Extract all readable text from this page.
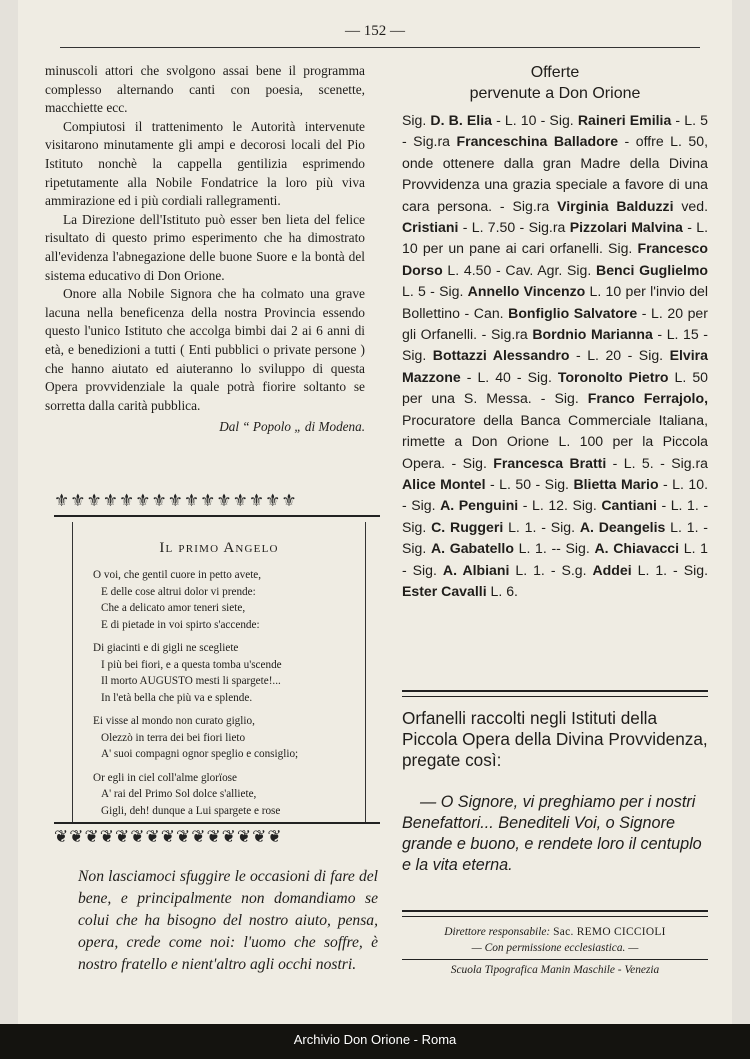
— 152 —

minuscoli attori che svolgono assai bene il programma complesso alternando canti con poesia, scenette, macchiette ecc.

Compiutosi il trattenimento le Autorità intervenute visitarono minutamente gli ampi e decorosi locali del Pio Istituto nonchè la cappella gentilizia esprimendo ripetutamente alla Nobile Fondatrice la loro più viva ammirazione ed i più cordiali rallegramenti.

La Direzione dell'Istituto può esser ben lieta del felice risultato di questo primo esperimento che ha dimostrato all'evidenza l'abnegazione delle buone Suore e la bontà del sistema educativo di Don Orione.

Onore alla Nobile Signora che ha colmato una grave lacuna nella beneficenza della nostra Provincia essendo questo l'unico Istituto che accolga bimbi dai 2 ai 6 anni di età, e benedizioni a tutti ( Enti pubblici o private persone ) che hanno aiutato ed aiuteranno lo sviluppo di questa Opera provvidenziale la quale potrà fiorire soltanto se sorretta dalla carità pubblica.

Dal “ Popolo „ di Modena.
⚜⚜⚜⚜⚜⚜⚜⚜⚜⚜⚜⚜⚜⚜⚜
Il primo Angelo
O voi, che gentil cuore in petto avete,
E delle cose altrui dolor vi prende:
Che a delicato amor teneri siete,
E di pietade in voi spirto s'accende:
Di giacinti e di gigli ne scegliete
I più bei fiori, e a questa tomba u'scende
Il morto AUGUSTO mesti li spargete!...
In l'età bella che più va e splende.
Ei visse al mondo non curato giglio,
Olezzò in terra dei bei fiori lieto
A' suoi compagni ognor speglio e consiglio;
Or egli in ciel coll'alme glorïose
A' rai del Primo Sol dolce s'alliete,
Gigli, deh! dunque a Lui spargete e rose
❦❦❦❦❦❦❦❦❦❦❦❦❦❦❦
Non lasciamoci sfuggire le occasioni di fare del bene, e principalmente non domandiamo se colui che ha bisogno del nostro aiuto, pensa, opera, crede come noi: l'uomo che soffre, è nostro fratello e nient'altro agli occhi nostri.
Offerte
pervenute a Don Orione
Sig. D. B. Elia - L. 10 - Sig. Raineri Emilia - L. 5 - Sig.ra Franceschina Balladore - offre L. 50, onde ottenere dalla gran Madre della Divina Provvidenza una grazia speciale a favore di una cara persona. - Sig.ra Virginia Balduzzi ved. Cristiani - L. 7.50 - Sig.ra Pizzolari Malvina - L. 10 per un pane ai cari orfanelli. Sig. Francesco Dorso L. 4.50 - Cav. Agr. Sig. Benci Guglielmo L. 5 - Sig. Annello Vincenzo L. 10 per l'invio del Bollettino - Can. Bonfiglio Salvatore - L. 20 per gli Orfanelli. - Sig.ra Bordnio Marianna - L. 15 - Sig. Bottazzi Alessandro - L. 20 - Sig. Elvira Mazzone - L. 40 - Sig. Toronolto Pietro L. 50 per una S. Messa. - Sig. Franco Ferrajolo, Procuratore della Banca Commerciale Italiana, rimette a Don Orione L. 100 per la Piccola Opera. - Sig. Francesca Bratti - L. 5. - Sig.ra Alice Montel - L. 50 - Sig. Blietta Mario - L. 10. - Sig. A. Penguini - L. 12. Sig. Cantiani - L. 1. - Sig. C. Ruggeri L. 1. - Sig. A. Deangelis L. 1. - Sig. A. Gabatello L. 1. -- Sig. A. Chiavacci L. 1 - Sig. A. Albiani L. 1. - S.g. Addei L. 1. - Sig. Ester Cavalli L. 6.
Orfanelli raccolti negli Istituti della Piccola Opera della Divina Provvidenza, pregate così:
— O Signore, vi preghiamo per i nostri Benefattori... Benediteli Voi, o Signore grande e buono, e rendete loro il centuplo e la vita eterna.
Direttore responsabile: Sac. REMO CICCIOLI
— Con permissione ecclesiastica. —
Scuola Tipografica Manin Maschile - Venezia
Archivio Don Orione - Roma
